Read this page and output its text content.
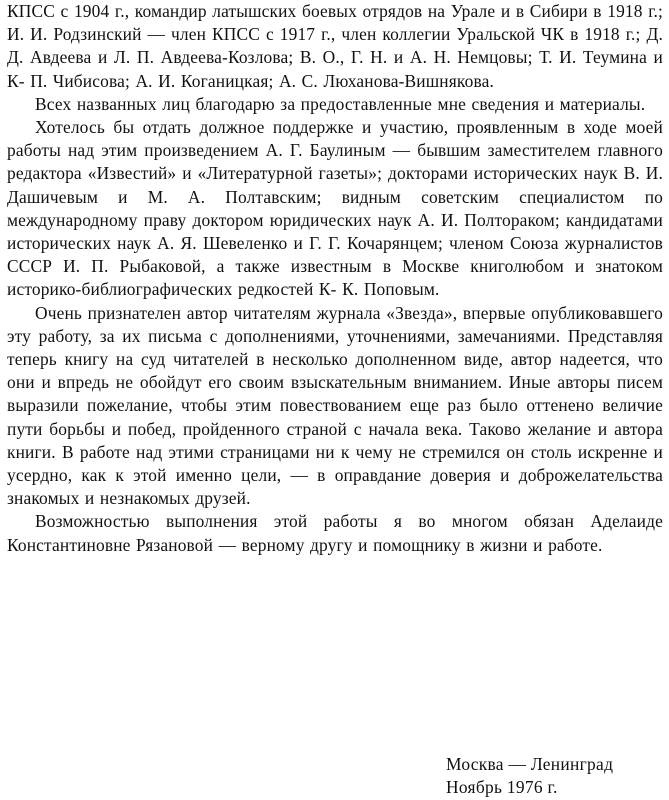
КПСС с 1904 г., командир латышских боевых отрядов на Урале и в Сибири в 1918 г.; И. И. Родзинский — член КПСС с 1917 г., член коллегии Уральской ЧК в 1918 г.; Д. Д. Авдеева и Л. П. Авдеева-Козлова; В. О., Г. Н. и А. Н. Немцовы; Т. И. Теумина и К- П. Чибисова; А. И. Коганицкая; А. С. Люханова-Вишнякова.

Всех названных лиц благодарю за предоставленные мне сведения и материалы.

Хотелось бы отдать должное поддержке и участию, проявленным в ходе моей работы над этим произведением А. Г. Баулиным — бывшим заместителем главного редактора «Известий» и «Литературной газеты»; докторами исторических наук В. И. Дашичевым и М. А. Полтавским; видным советским специалистом по международному праву доктором юридических наук А. И. Полтораком; кандидатами исторических наук А. Я. Шевеленко и Г. Г. Кочарянцем; членом Союза журналистов СССР И. П. Рыбаковой, а также известным в Москве книголюбом и знатоком историко-библиографических редкостей К- К. Поповым.

Очень признателен автор читателям журнала «Звезда», впервые опубликовавшего эту работу, за их письма с дополнениями, уточнениями, замечаниями. Представляя теперь книгу на суд читателей в несколько дополненном виде, автор надеется, что они и впредь не обойдут его своим взыскательным вниманием. Иные авторы писем выразили пожелание, чтобы этим повествованием еще раз было оттенено величие пути борьбы и побед, пройденного страной с начала века. Таково желание и автора книги. В работе над этими страницами ни к чему не стремился он столь искренне и усердно, как к этой именно цели, — в оправдание доверия и доброжелательства знакомых и незнакомых друзей.

Возможностью выполнения этой работы я во многом обязан Аделаиде Константиновне Рязановой — верному другу и помощнику в жизни и работе.

Москва — Ленинград
Ноябрь 1976 г.
